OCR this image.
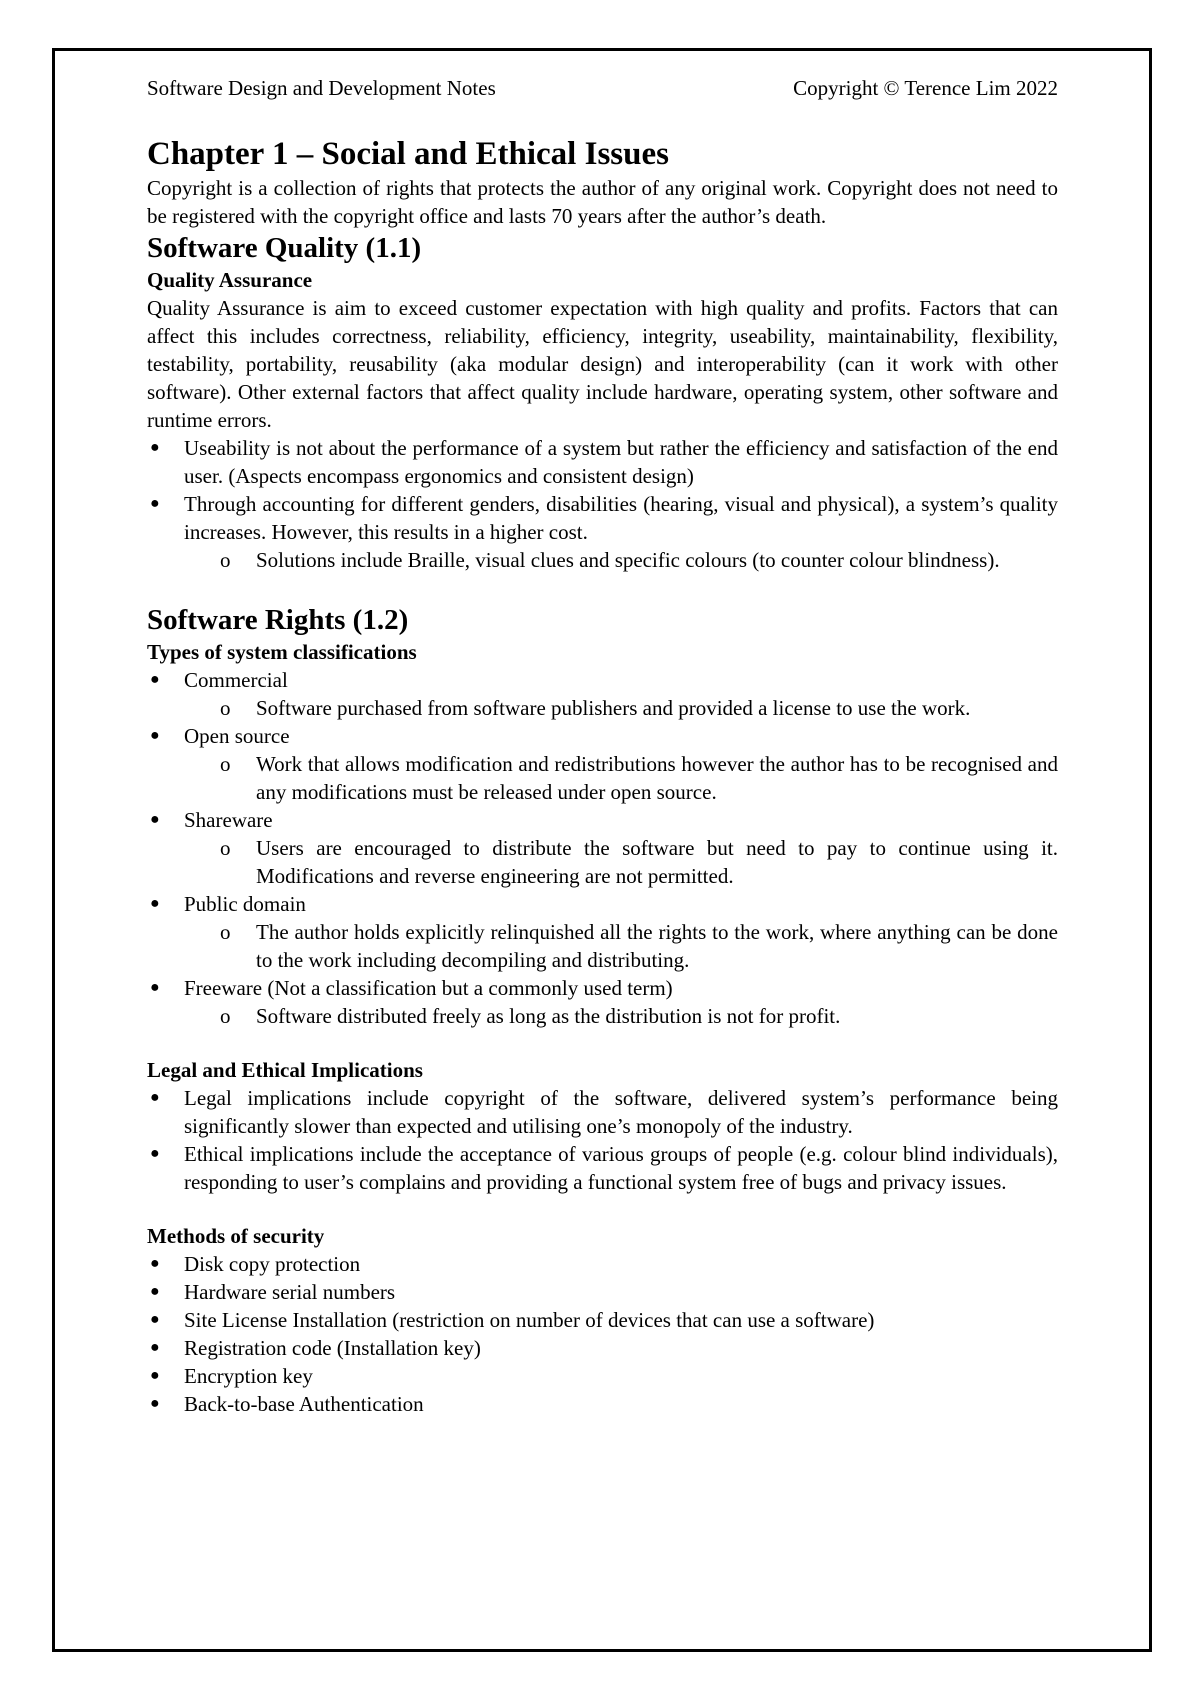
Software Design and Development Notes	Copyright © Terence Lim 2022
Chapter 1 – Social and Ethical Issues

Copyright is a collection of rights that protects the author of any original work. Copyright does not need to be registered with the copyright office and lasts 70 years after the author’s death.

Software Quality (1.1)
Quality Assurance

Quality Assurance is aim to exceed customer expectation with high quality and profits. Factors that can affect this includes correctness, reliability, efficiency, integrity, useability, maintainability, flexibility, testability, portability, reusability (aka modular design) and interoperability (can it work with other software). Other external factors that affect quality include hardware, operating system, other software and runtime errors.

● Useability is not about the performance of a system but rather the efficiency and satisfaction of the end user. (Aspects encompass ergonomics and consistent design)
● Through accounting for different genders, disabilities (hearing, visual and physical), a system’s quality increases. However, this results in a higher cost.
o Solutions include Braille, visual clues and specific colours (to counter colour blindness).
Software Rights (1.2)
Types of system classifications
● Commercial
o Software purchased from software publishers and provided a license to use the work.
● Open source
o Work that allows modification and redistributions however the author has to be recognised and any modifications must be released under open source.
● Shareware
o Users are encouraged to distribute the software but need to pay to continue using it. Modifications and reverse engineering are not permitted.
● Public domain
o The author holds explicitly relinquished all the rights to the work, where anything can be done to the work including decompiling and distributing.
● Freeware (Not a classification but a commonly used term)
o Software distributed freely as long as the distribution is not for profit.
Legal and Ethical Implications
● Legal implications include copyright of the software, delivered system’s performance being significantly slower than expected and utilising one’s monopoly of the industry.
● Ethical implications include the acceptance of various groups of people (e.g. colour blind individuals), responding to user’s complains and providing a functional system free of bugs and privacy issues.
Methods of security
● Disk copy protection
● Hardware serial numbers
● Site License Installation (restriction on number of devices that can use a software)
● Registration code (Installation key)
● Encryption key
● Back-to-base Authentication
